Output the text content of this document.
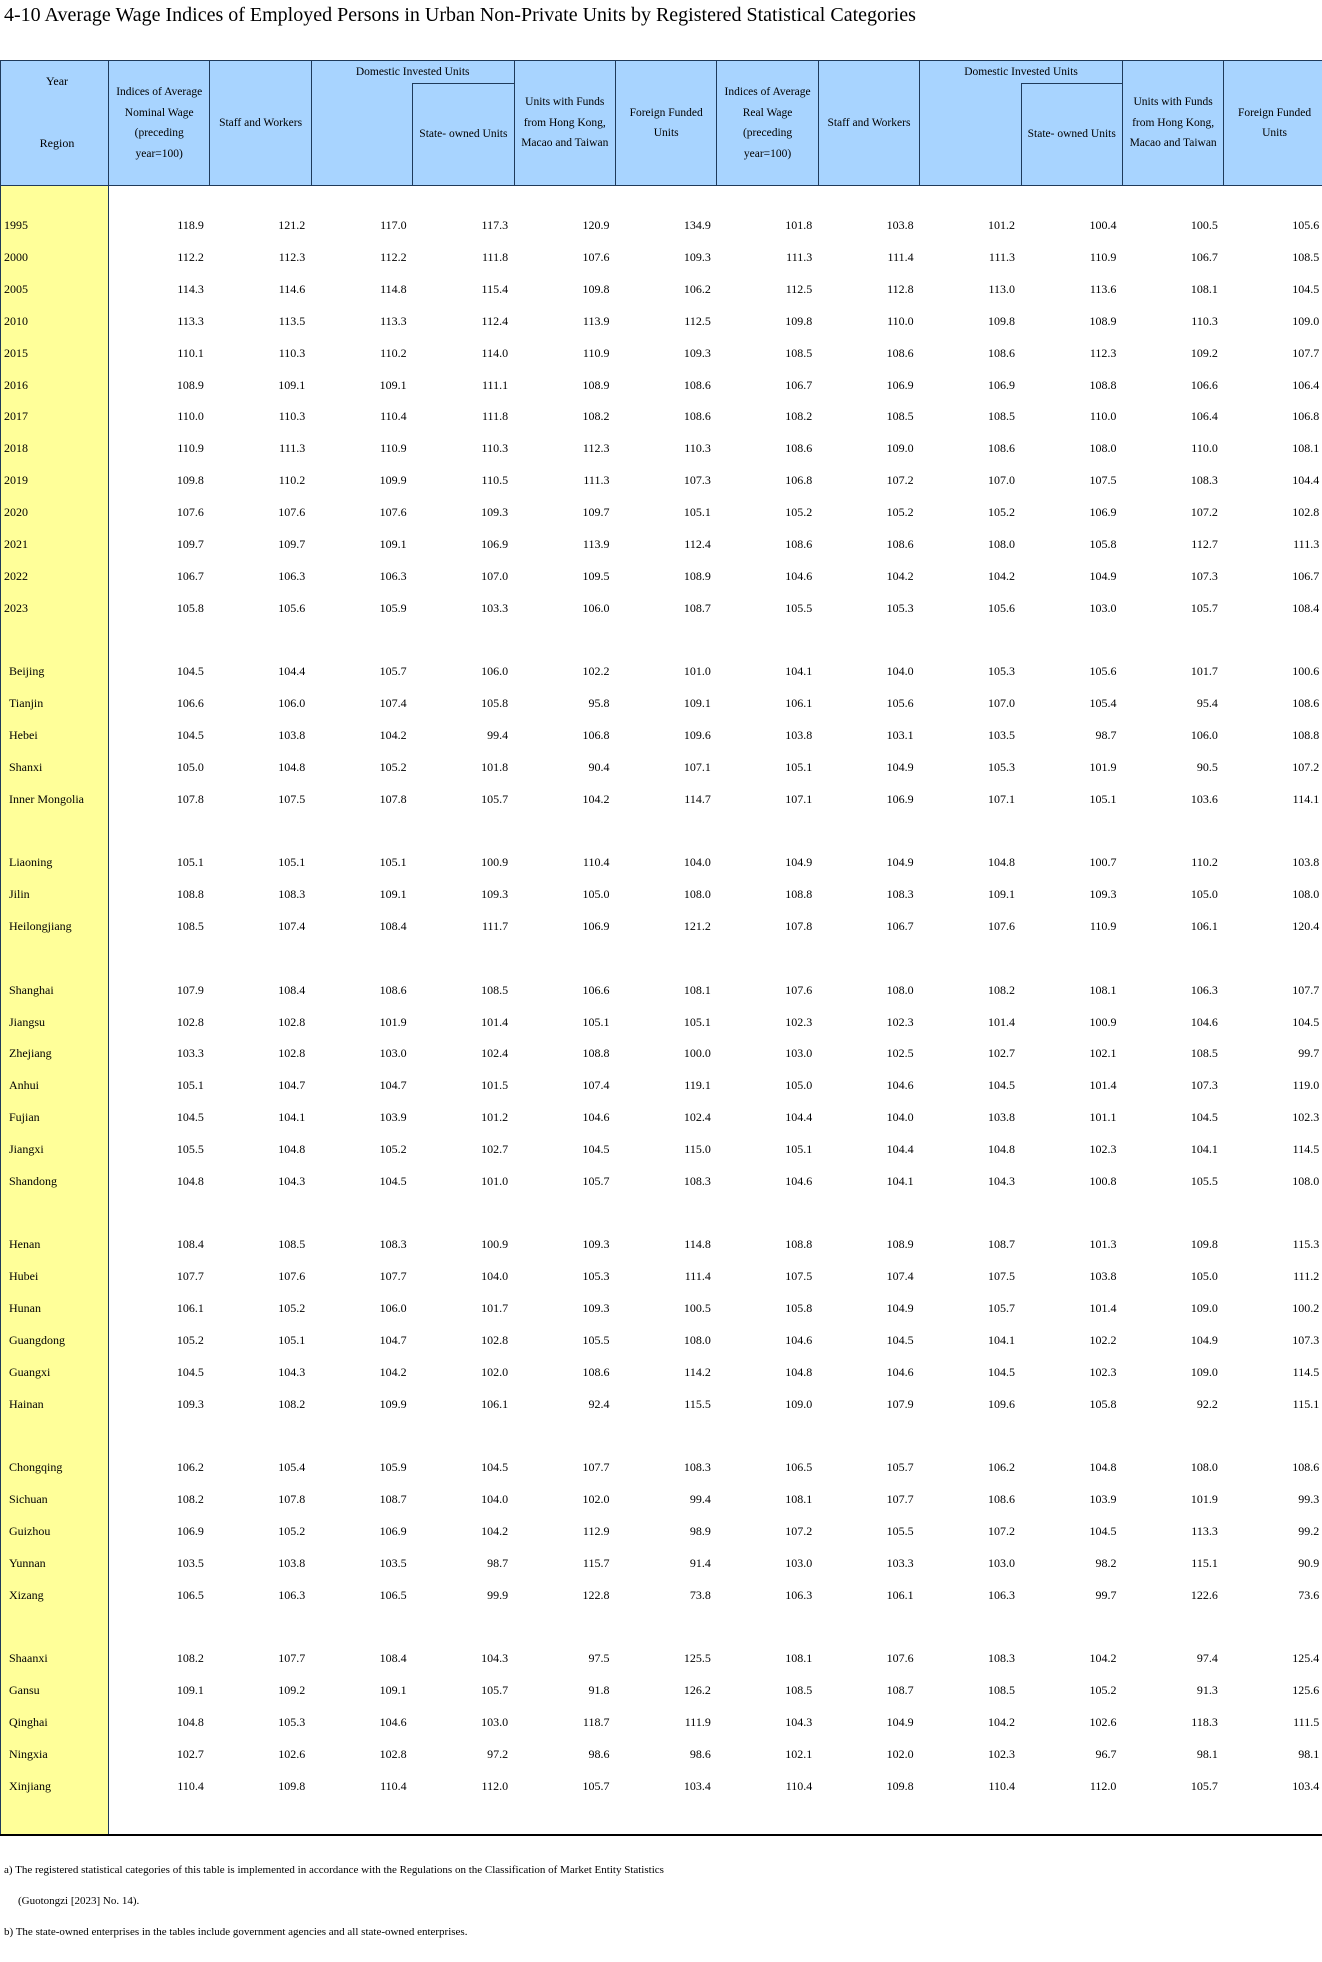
4-10 Average Wage Indices of Employed Persons in Urban Non-Private Units by Registered Statistical Categories
Year
Region	Indices of Average Nominal Wage (preceding year=100)	Staff and Workers	Domestic Invested Units		Units with Funds from Hong Kong, Macao and Taiwan	Foreign Funded Units	Indices of Average Real Wage (preceding year=100)	Staff and Workers	Domestic Invested Units		Units with Funds from Hong Kong, Macao and Taiwan	Foreign Funded Units
				State- owned Units						State- owned Units		

1995	118.9	121.2	117.0	117.3	120.9	134.9	101.8	103.8	101.2	100.4	100.5	105.6
2000	112.2	112.3	112.2	111.8	107.6	109.3	111.3	111.4	111.3	110.9	106.7	108.5
2005	114.3	114.6	114.8	115.4	109.8	106.2	112.5	112.8	113.0	113.6	108.1	104.5
2010	113.3	113.5	113.3	112.4	113.9	112.5	109.8	110.0	109.8	108.9	110.3	109.0
2015	110.1	110.3	110.2	114.0	110.9	109.3	108.5	108.6	108.6	112.3	109.2	107.7
2016	108.9	109.1	109.1	111.1	108.9	108.6	106.7	106.9	106.9	108.8	106.6	106.4
2017	110.0	110.3	110.4	111.8	108.2	108.6	108.2	108.5	108.5	110.0	106.4	106.8
2018	110.9	111.3	110.9	110.3	112.3	110.3	108.6	109.0	108.6	108.0	110.0	108.1
2019	109.8	110.2	109.9	110.5	111.3	107.3	106.8	107.2	107.0	107.5	108.3	104.4
2020	107.6	107.6	107.6	109.3	109.7	105.1	105.2	105.2	105.2	106.9	107.2	102.8
2021	109.7	109.7	109.1	106.9	113.9	112.4	108.6	108.6	108.0	105.8	112.7	111.3
2022	106.7	106.3	106.3	107.0	109.5	108.9	104.6	104.2	104.2	104.9	107.3	106.7
2023	105.8	105.6	105.9	103.3	106.0	108.7	105.5	105.3	105.6	103.0	105.7	108.4

Beijing	104.5	104.4	105.7	106.0	102.2	101.0	104.1	104.0	105.3	105.6	101.7	100.6
Tianjin	106.6	106.0	107.4	105.8	95.8	109.1	106.1	105.6	107.0	105.4	95.4	108.6
Hebei	104.5	103.8	104.2	99.4	106.8	109.6	103.8	103.1	103.5	98.7	106.0	108.8
Shanxi	105.0	104.8	105.2	101.8	90.4	107.1	105.1	104.9	105.3	101.9	90.5	107.2
Inner Mongolia	107.8	107.5	107.8	105.7	104.2	114.7	107.1	106.9	107.1	105.1	103.6	114.1

Liaoning	105.1	105.1	105.1	100.9	110.4	104.0	104.9	104.9	104.8	100.7	110.2	103.8
Jilin	108.8	108.3	109.1	109.3	105.0	108.0	108.8	108.3	109.1	109.3	105.0	108.0
Heilongjiang	108.5	107.4	108.4	111.7	106.9	121.2	107.8	106.7	107.6	110.9	106.1	120.4

Shanghai	107.9	108.4	108.6	108.5	106.6	108.1	107.6	108.0	108.2	108.1	106.3	107.7
Jiangsu	102.8	102.8	101.9	101.4	105.1	105.1	102.3	102.3	101.4	100.9	104.6	104.5
Zhejiang	103.3	102.8	103.0	102.4	108.8	100.0	103.0	102.5	102.7	102.1	108.5	99.7
Anhui	105.1	104.7	104.7	101.5	107.4	119.1	105.0	104.6	104.5	101.4	107.3	119.0
Fujian	104.5	104.1	103.9	101.2	104.6	102.4	104.4	104.0	103.8	101.1	104.5	102.3
Jiangxi	105.5	104.8	105.2	102.7	104.5	115.0	105.1	104.4	104.8	102.3	104.1	114.5
Shandong	104.8	104.3	104.5	101.0	105.7	108.3	104.6	104.1	104.3	100.8	105.5	108.0

Henan	108.4	108.5	108.3	100.9	109.3	114.8	108.8	108.9	108.7	101.3	109.8	115.3
Hubei	107.7	107.6	107.7	104.0	105.3	111.4	107.5	107.4	107.5	103.8	105.0	111.2
Hunan	106.1	105.2	106.0	101.7	109.3	100.5	105.8	104.9	105.7	101.4	109.0	100.2
Guangdong	105.2	105.1	104.7	102.8	105.5	108.0	104.6	104.5	104.1	102.2	104.9	107.3
Guangxi	104.5	104.3	104.2	102.0	108.6	114.2	104.8	104.6	104.5	102.3	109.0	114.5
Hainan	109.3	108.2	109.9	106.1	92.4	115.5	109.0	107.9	109.6	105.8	92.2	115.1

Chongqing	106.2	105.4	105.9	104.5	107.7	108.3	106.5	105.7	106.2	104.8	108.0	108.6
Sichuan	108.2	107.8	108.7	104.0	102.0	99.4	108.1	107.7	108.6	103.9	101.9	99.3
Guizhou	106.9	105.2	106.9	104.2	112.9	98.9	107.2	105.5	107.2	104.5	113.3	99.2
Yunnan	103.5	103.8	103.5	98.7	115.7	91.4	103.0	103.3	103.0	98.2	115.1	90.9
Xizang	106.5	106.3	106.5	99.9	122.8	73.8	106.3	106.1	106.3	99.7	122.6	73.6

Shaanxi	108.2	107.7	108.4	104.3	97.5	125.5	108.1	107.6	108.3	104.2	97.4	125.4
Gansu	109.1	109.2	109.1	105.7	91.8	126.2	108.5	108.7	108.5	105.2	91.3	125.6
Qinghai	104.8	105.3	104.6	103.0	118.7	111.9	104.3	104.9	104.2	102.6	118.3	111.5
Ningxia	102.7	102.6	102.8	97.2	98.6	98.6	102.1	102.0	102.3	96.7	98.1	98.1
Xinjiang	110.4	109.8	110.4	112.0	105.7	103.4	110.4	109.8	110.4	112.0	105.7	103.4

a) The registered statistical categories of this table is implemented in accordance with the Regulations on the Classification of Market Entity Statistics
(Guotongzi [2023] No. 14).
b) The state-owned enterprises in the tables include government agencies and all state-owned enterprises.
